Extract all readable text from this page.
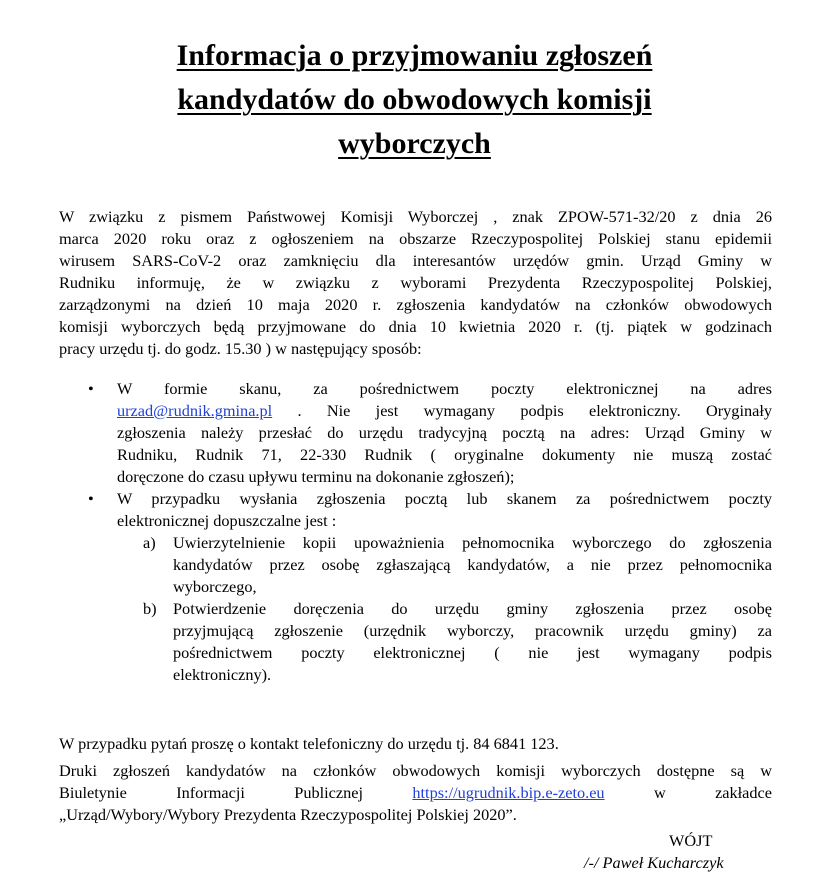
Informacja o przyjmowaniu zgłoszeń
kandydatów do obwodowych komisji
wyborczych

W związku z pismem Państwowej Komisji Wyborczej , znak ZPOW-571-32/20 z dnia 26
marca 2020 roku oraz z ogłoszeniem na obszarze Rzeczypospolitej Polskiej stanu epidemii
wirusem SARS-CoV-2 oraz zamknięciu dla interesantów urzędów gmin. Urząd Gminy w
Rudniku informuję, że w związku z wyborami Prezydenta Rzeczypospolitej Polskiej,
zarządzonymi na dzień 10 maja 2020 r. zgłoszenia kandydatów na członków obwodowych
komisji wyborczych będą przyjmowane do dnia 10 kwietnia 2020 r. (tj. piątek w godzinach
pracy urzędu tj. do godz. 15.30 ) w następujący sposób:

• W formie skanu, za pośrednictwem poczty elektronicznej na adres
urzad@rudnik.gmina.pl . Nie jest wymagany podpis elektroniczny. Oryginały
zgłoszenia należy przesłać do urzędu tradycyjną pocztą na adres: Urząd Gminy w
Rudniku, Rudnik 71, 22-330 Rudnik ( oryginalne dokumenty nie muszą zostać
doręczone do czasu upływu terminu na dokonanie zgłoszeń);
• W przypadku wysłania zgłoszenia pocztą lub skanem za pośrednictwem poczty
elektronicznej dopuszczalne jest :
a) Uwierzytelnienie kopii upoważnienia pełnomocnika wyborczego do zgłoszenia
kandydatów przez osobę zgłaszającą kandydatów, a nie przez pełnomocnika
wyborczego,
b) Potwierdzenie doręczenia do urzędu gminy zgłoszenia przez osobę
przyjmującą zgłoszenie (urzędnik wyborczy, pracownik urzędu gminy) za
pośrednictwem poczty elektronicznej ( nie jest wymagany podpis
elektroniczny).

W przypadku pytań proszę o kontakt telefoniczny do urzędu tj. 84 6841 123.

Druki zgłoszeń kandydatów na członków obwodowych komisji wyborczych dostępne są w
Biuletynie Informacji Publicznej	https://ugrudnik.bip.e-zeto.eu	w zakładce
„Urząd/Wybory/Wybory Prezydenta Rzeczypospolitej Polskiej 2020”.

WÓJT
/-/ Paweł Kucharczyk
